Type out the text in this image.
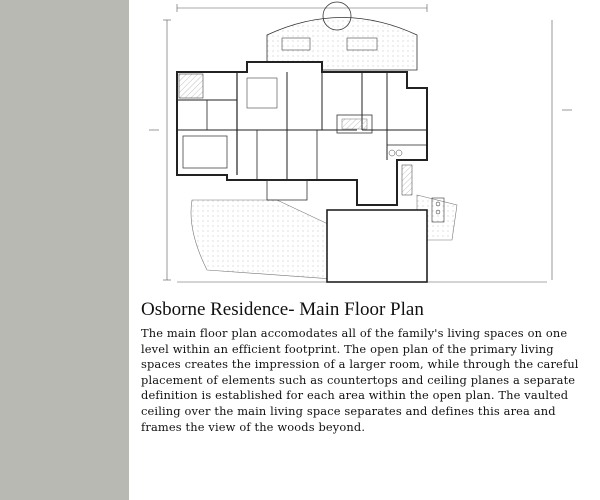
Osborne Residence- Main Floor Plan

The main floor plan accomodates all of the family's living spaces on one level within an efficient footprint. The open plan of the primary living spaces creates the impression of a larger room, while through the careful placement of elements such as countertops and ceiling planes a separate definition is established for each area within the open plan. The vaulted ceiling over the main living space separates and defines this area and frames the view of the woods beyond.
